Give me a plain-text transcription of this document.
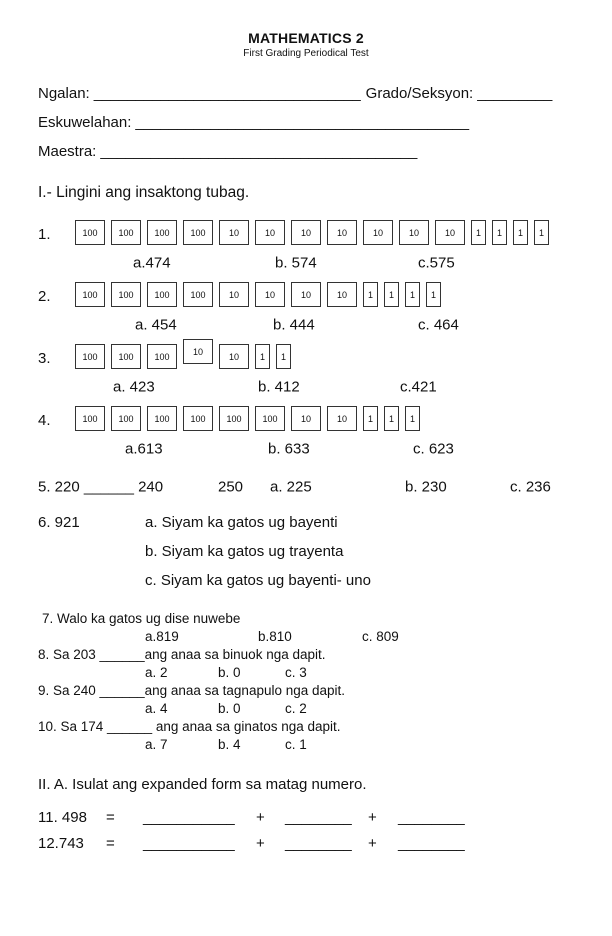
MATHEMATICS 2
First Grading Periodical Test
Ngalan: ________________________________ Grado/Seksyon: _________
Eskuwelahan: ________________________________________
Maestra: ______________________________________
I.- Lingini ang insaktong tubag.
1.	100	100	100	100	10	10	10	10	10	10	10	1	1	1	1
a.474	b. 574	c.575
2.	100	100	100	100	10	10	10	10	1	1	1	1
a. 454	b. 444	c. 464
3.	100	100	100	10	10	1	1
a. 423	b. 412	c.421
4.	100	100	100	100	100	100	10	10	1	1	1
a.613	b. 633	c. 623
5. 220 ______ 240	250 a. 225	b. 230	c. 236
6. 921	a. Siyam ka gatos ug bayenti
b. Siyam ka gatos ug trayenta
c. Siyam ka gatos ug bayenti- uno
7. Walo ka gatos ug dise nuwebe
a.819	b.810	c. 809
8. Sa 203 ______ang anaa sa binuok nga dapit.
a. 2	b. 0	c. 3
9. Sa 240 ______ang anaa sa tagnapulo nga dapit.
a. 4	b. 0	c. 2
10. Sa 174 ______ ang anaa sa ginatos nga dapit.
a. 7	b. 4	c. 1
II. A. Isulat ang expanded form sa matag numero.
11. 498 = ___________ + ________ + ________
12.743 = ___________ + ________ + ________
